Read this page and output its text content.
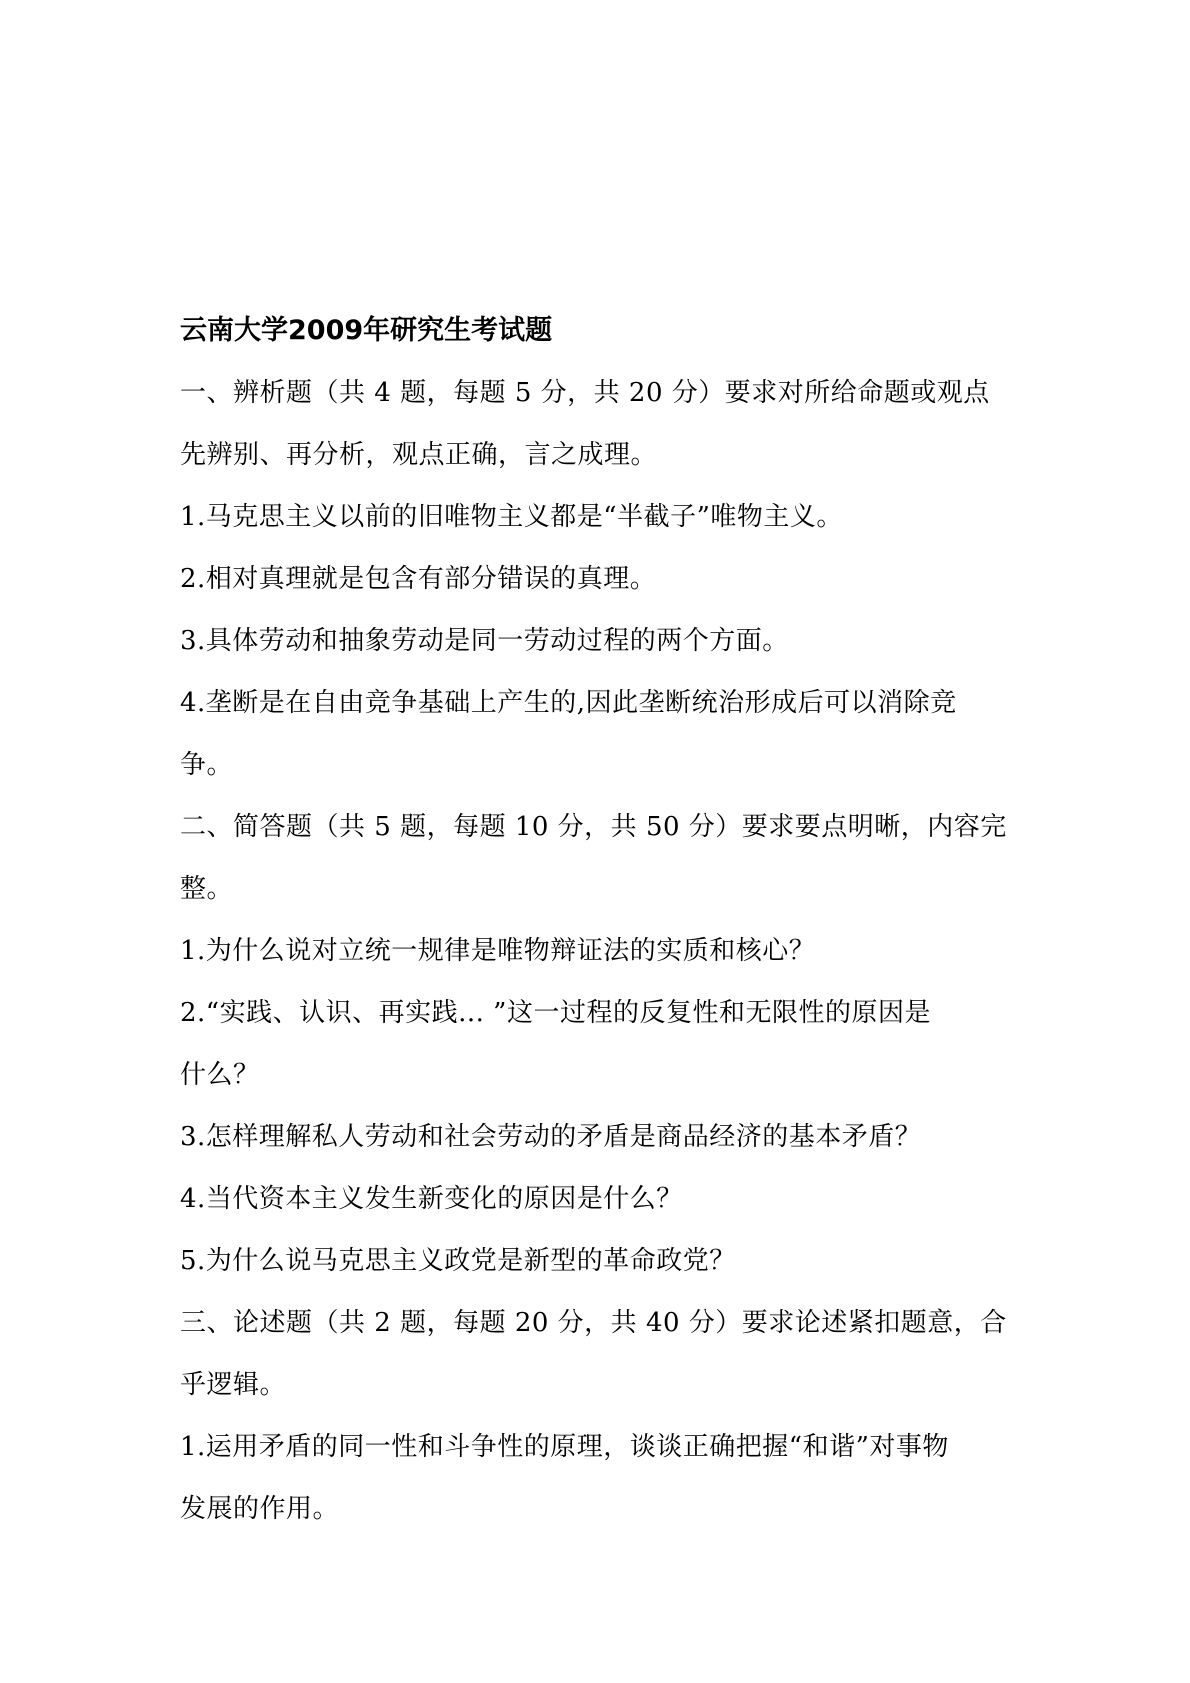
云南大学2009年研究生考试题

一、辨析题（共 4 题，每题 5 分，共 20 分）要求对所给命题或观点

先辨别、再分析，观点正确，言之成理。

1.马克思主义以前的旧唯物主义都是“半截子”唯物主义。

2.相对真理就是包含有部分错误的真理。

3.具体劳动和抽象劳动是同一劳动过程的两个方面。

4.垄断是在自由竞争基础上产生的,因此垄断统治形成后可以消除竞

争。

二、简答题（共 5 题，每题 10 分，共 50 分）要求要点明晰，内容完

整。

1.为什么说对立统一规律是唯物辩证法的实质和核心？

2.“实践、认识、再实践... ”这一过程的反复性和无限性的原因是

什么？

3.怎样理解私人劳动和社会劳动的矛盾是商品经济的基本矛盾？

4.当代资本主义发生新变化的原因是什么？

5.为什么说马克思主义政党是新型的革命政党？

三、论述题（共 2 题，每题 20 分，共 40 分）要求论述紧扣题意，合

乎逻辑。

1.运用矛盾的同一性和斗争性的原理，谈谈正确把握“和谐”对事物

发展的作用。
